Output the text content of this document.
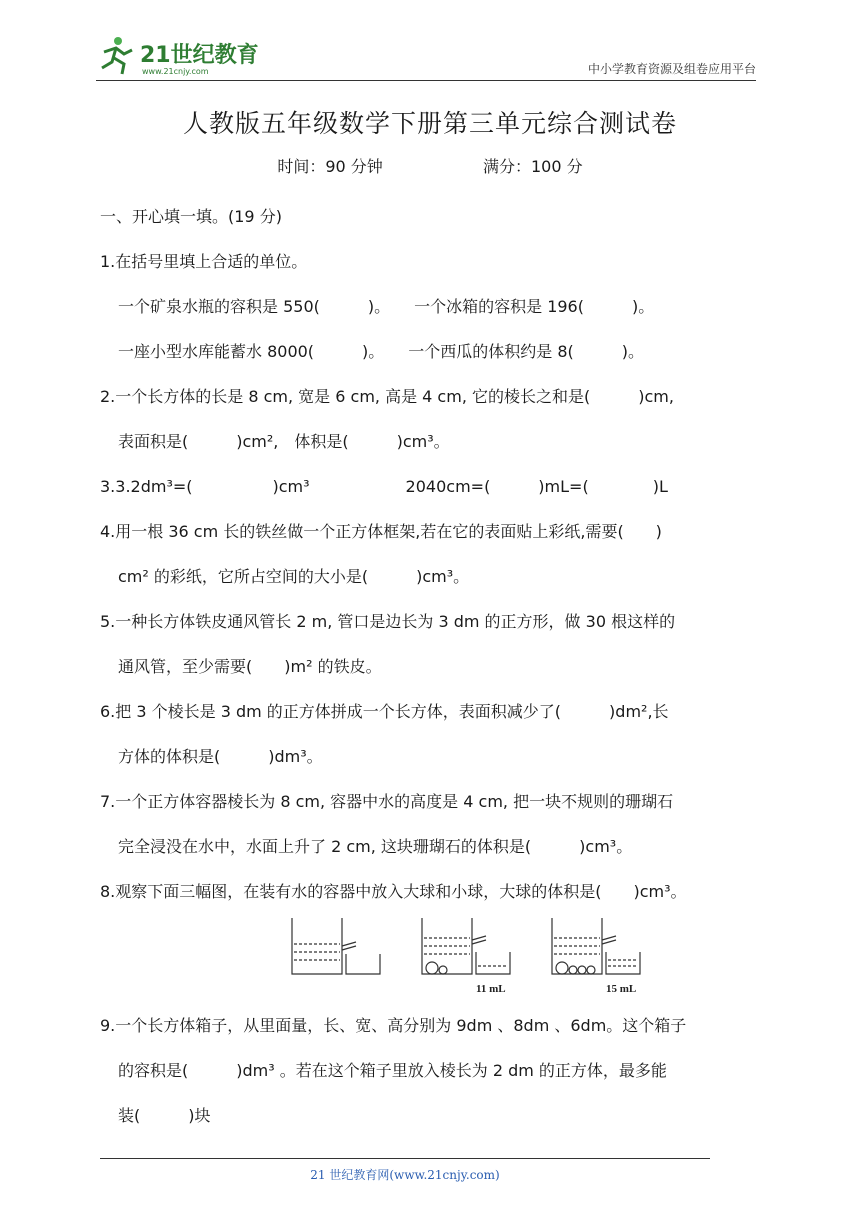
21世纪教育
www.21cnjy.com	中小学教育资源及组卷应用平台
人教版五年级数学下册第三单元综合测试卷
时间：90 分钟	满分：100 分
一、开心填一填。(19 分)
1.在括号里填上合适的单位。
一个矿泉水瓶的容积是 550(　　　)。　　一个冰箱的容积是 196(　　　)。
一座小型水库能蓄水 8000(　　　)。　　一个西瓜的体积约是 8(　　　)。
2.一个长方体的长是 8 cm, 宽是 6 cm, 高是 4 cm, 它的棱长之和是(　　　)cm,
表面积是(　　　)cm²,　体积是(　　　)cm³。
3.3.2dm³=(　　　　　)cm³　　　　　　2040cm=(　　　)mL=(　　　　)L
4.用一根 36 cm 长的铁丝做一个正方体框架,若在它的表面贴上彩纸,需要(　　)
cm² 的彩纸，它所占空间的大小是(　　　)cm³。
5.一种长方体铁皮通风管长 2 m, 管口是边长为 3 dm 的正方形，做 30 根这样的
通风管，至少需要(　　)m² 的铁皮。
6.把 3 个棱长是 3 dm 的正方体拼成一个长方体，表面积减少了(　　　)dm²,长
方体的体积是(　　　)dm³。
7.一个正方体容器棱长为 8 cm, 容器中水的高度是 4 cm, 把一块不规则的珊瑚石
完全浸没在水中，水面上升了 2 cm, 这块珊瑚石的体积是(　　　)cm³。
8.观察下面三幅图，在装有水的容器中放入大球和小球，大球的体积是(　　)cm³。
11 mL	15 mL
9.一个长方体箱子，从里面量，长、宽、高分别为 9dm 、8dm 、6dm。这个箱子
的容积是(　　　)dm³ 。若在这个箱子里放入棱长为 2 dm 的正方体，最多能
装(　　　)块
21 世纪教育网(www.21cnjy.com)
